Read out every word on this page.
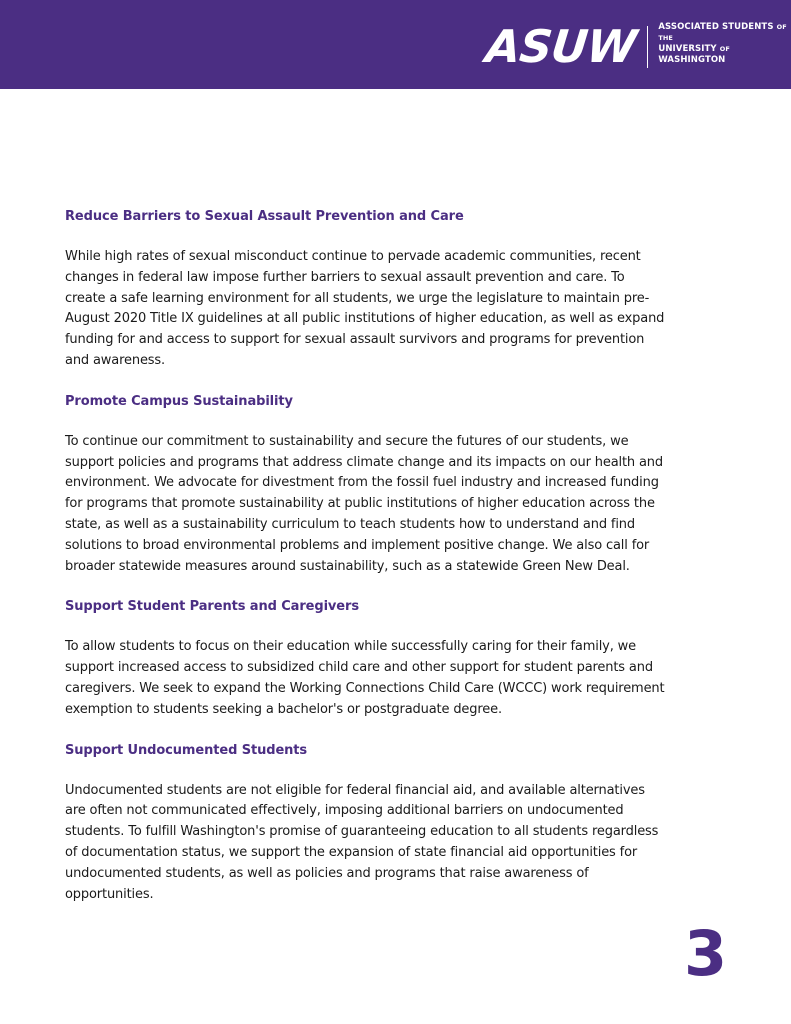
ASUW ASSOCIATED STUDENTS OF THE
UNIVERSITY OF WASHINGTON
Reduce Barriers to Sexual Assault Prevention and Care

While high rates of sexual misconduct continue to pervade academic communities, recent changes in federal law impose further barriers to sexual assault prevention and care. To create a safe learning environment for all students, we urge the legislature to maintain pre-August 2020 Title IX guidelines at all public institutions of higher education, as well as expand funding for and access to support for sexual assault survivors and programs for prevention and awareness.

Promote Campus Sustainability

To continue our commitment to sustainability and secure the futures of our students, we support policies and programs that address climate change and its impacts on our health and environment. We advocate for divestment from the fossil fuel industry and increased funding for programs that promote sustainability at public institutions of higher education across the state, as well as a sustainability curriculum to teach students how to understand and find solutions to broad environmental problems and implement positive change. We also call for broader statewide measures around sustainability, such as a statewide Green New Deal.

Support Student Parents and Caregivers

To allow students to focus on their education while successfully caring for their family, we support increased access to subsidized child care and other support for student parents and caregivers. We seek to expand the Working Connections Child Care (WCCC) work requirement exemption to students seeking a bachelor's or postgraduate degree.

Support Undocumented Students

Undocumented students are not eligible for federal financial aid, and available alternatives are often not communicated effectively, imposing additional barriers on undocumented students. To fulfill Washington's promise of guaranteeing education to all students regardless of documentation status, we support the expansion of state financial aid opportunities for undocumented students, as well as policies and programs that raise awareness of opportunities.

3
